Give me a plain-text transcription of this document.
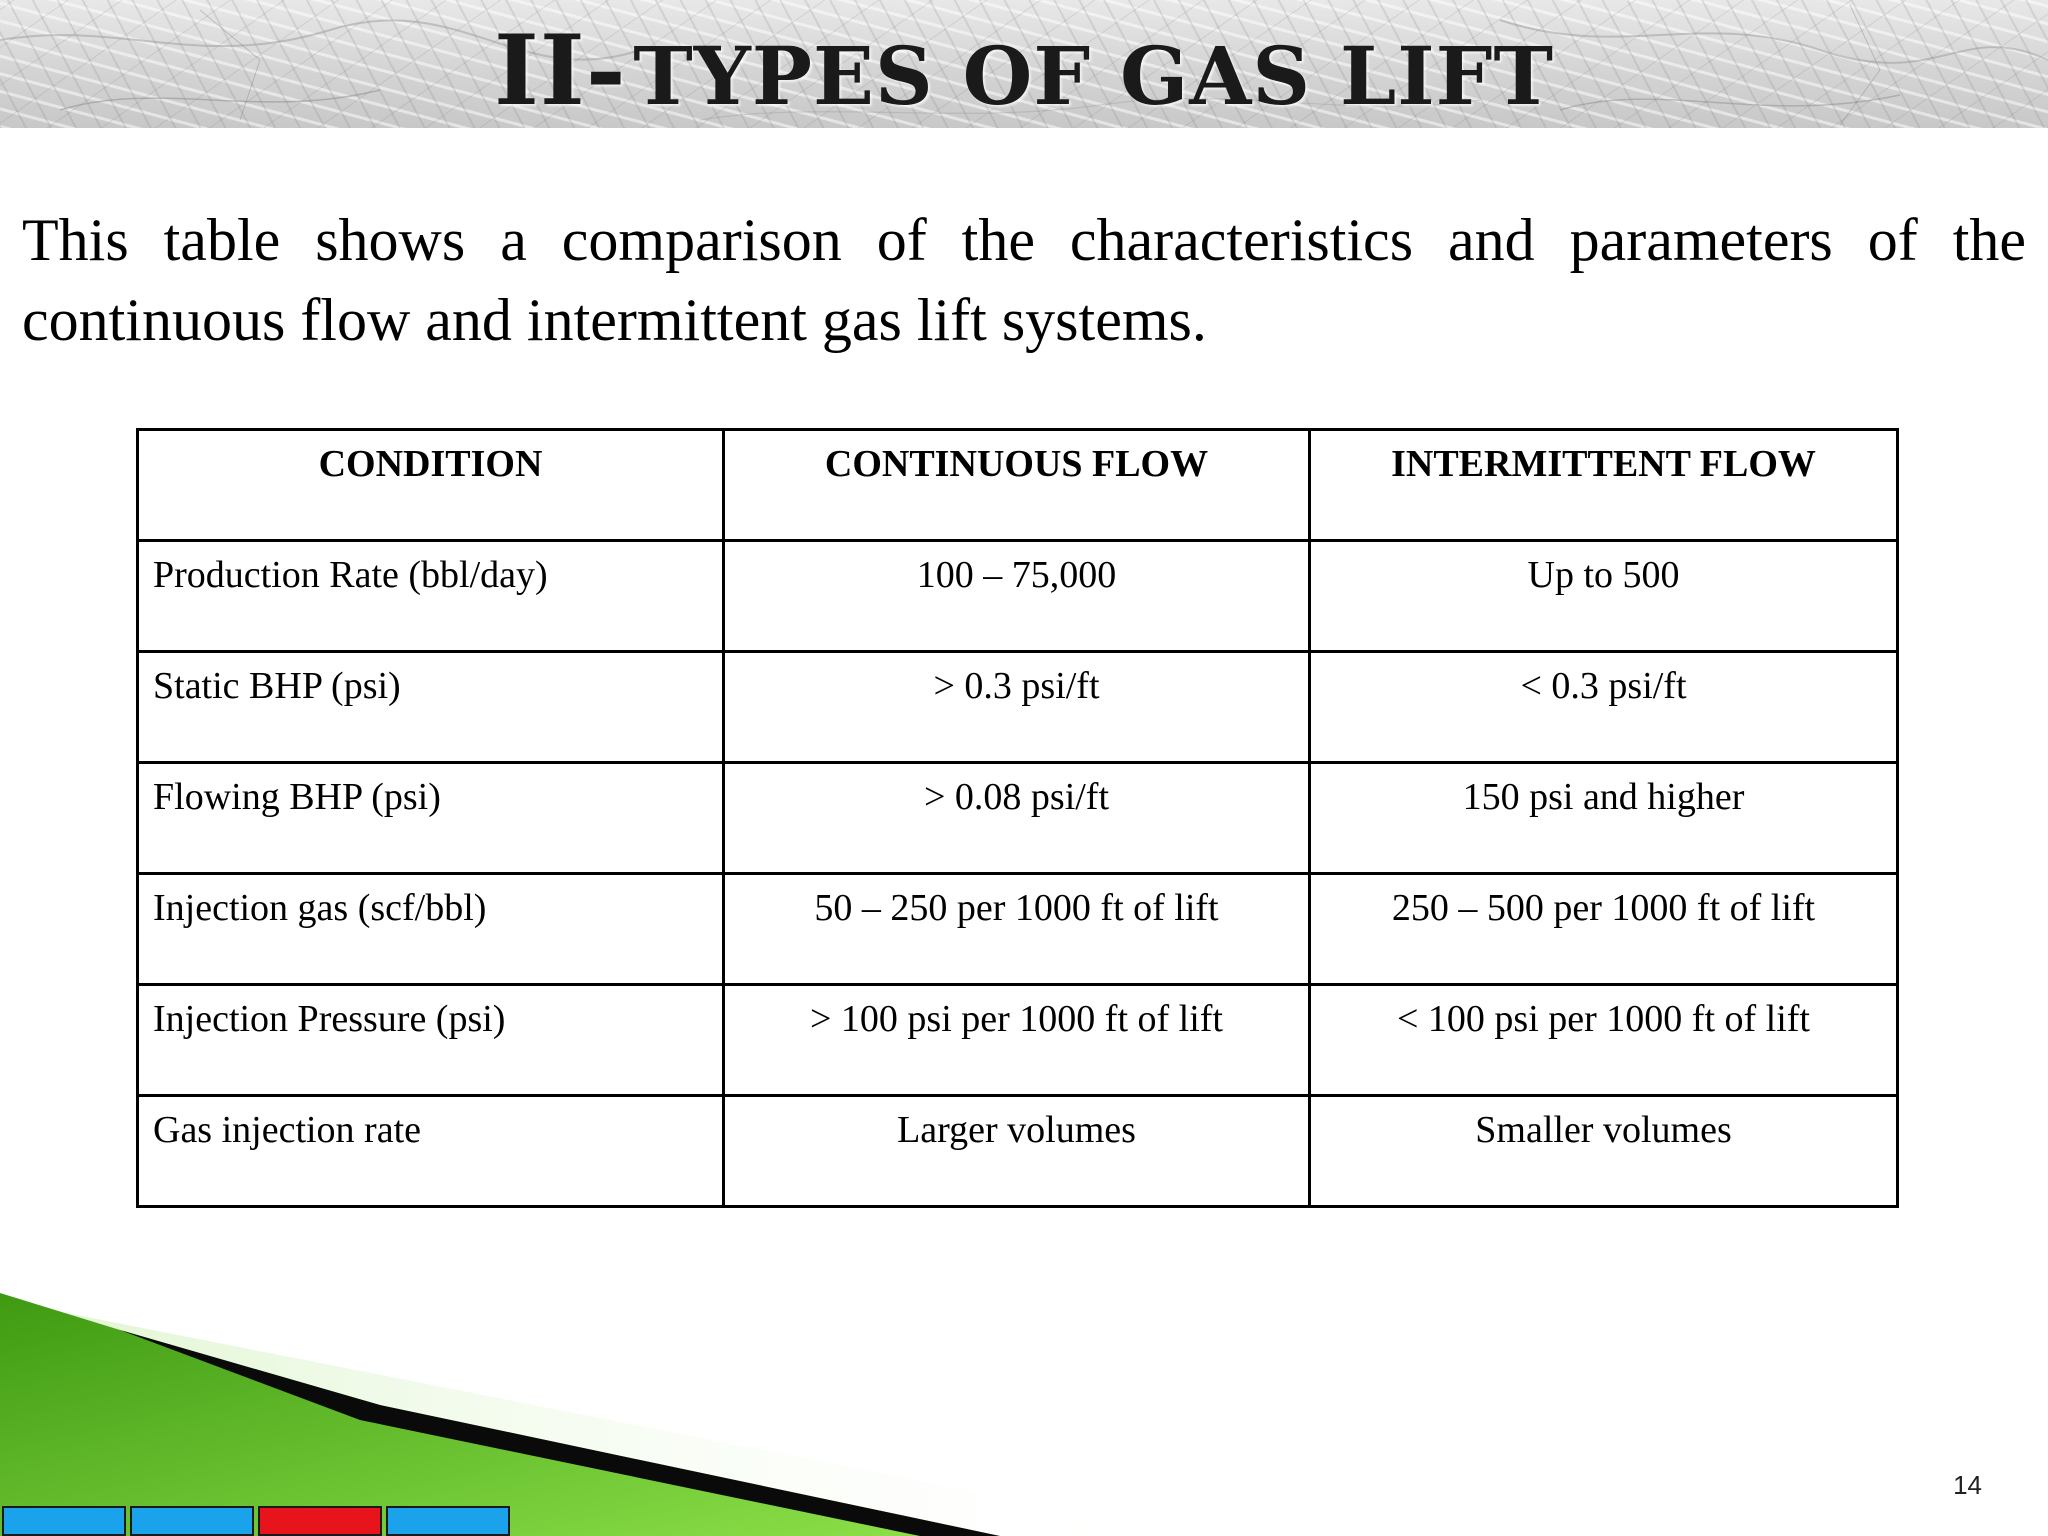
II- TYPES OF GAS LIFT

This table shows a comparison of the characteristics and parameters of the continuous flow and intermittent gas lift systems.

CONDITION	CONTINUOUS FLOW	INTERMITTENT FLOW
Production Rate (bbl/day)	100 – 75,000	Up to 500
Static BHP (psi)	> 0.3 psi/ft	< 0.3 psi/ft
Flowing BHP (psi)	> 0.08 psi/ft	150 psi and higher
Injection gas (scf/bbl)	50 – 250 per 1000 ft of lift	250 – 500 per 1000 ft of lift
Injection Pressure (psi)	> 100 psi per 1000 ft of lift	< 100 psi per 1000 ft of lift
Gas injection rate	Larger volumes	Smaller volumes
14
